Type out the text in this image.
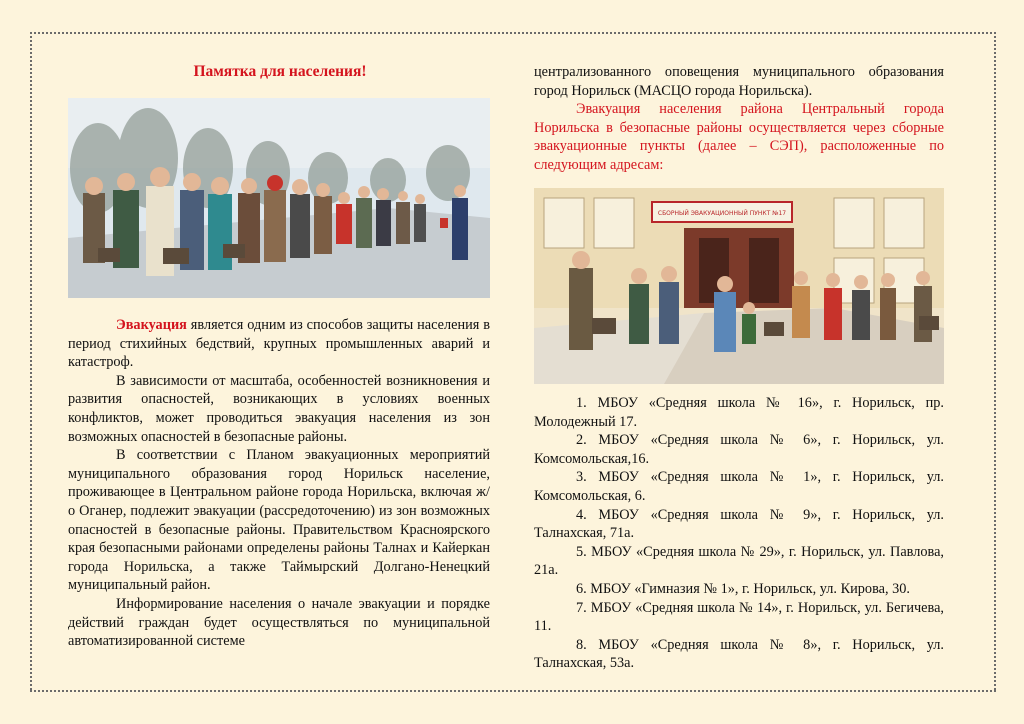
Памятка для населения!

Эвакуация является одним из способов защиты населения в период стихийных бедствий, крупных промышленных аварий и катастроф.

В зависимости от масштаба, особенностей возникновения и развития опасностей, возникающих в условиях военных конфликтов, может проводиться эвакуация населения из зон возможных опасностей в безопасные районы.

В соответствии с Планом эвакуационных мероприятий муниципального образования город Норильск население, проживающее в Центральном районе города Норильска, включая ж/о Оганер, подлежит эвакуации (рассредоточению) из зон возможных опасностей в безопасные районы. Правительством Красноярского края безопасными районами определены районы Талнах и Кайеркан города Норильска, а также Таймырский Долгано-Ненецкий муниципальный район.

Информирование населения о начале эвакуации и порядке действий граждан будет осуществляться по муниципальной автоматизированной системе

централизованного оповещения муниципального образования город Норильск (МАСЦО города Норильска).

Эвакуация населения района Центральный города Норильска в безопасные районы осуществляется через сборные эвакуационные пункты (далее – СЭП), расположенные по следующим адресам:

СБОРНЫЙ ЭВАКУАЦИОННЫЙ ПУНКТ №17

1. МБОУ «Средняя школа № 16», г. Норильск, пр. Молодежный 17.

2. МБОУ «Средняя школа № 6», г. Норильск, ул. Комсомольская,16.

3. МБОУ «Средняя школа № 1», г. Норильск, ул. Комсомольская, 6.

4. МБОУ «Средняя школа № 9», г. Норильск, ул. Талнахская, 71а.

5. МБОУ «Средняя школа № 29», г. Норильск, ул. Павлова, 21а.

6. МБОУ «Гимназия № 1», г. Норильск, ул. Кирова, 30.

7. МБОУ «Средняя школа № 14», г. Норильск, ул. Бегичева, 11.

8. МБОУ «Средняя школа № 8», г. Норильск, ул. Талнахская, 53а.
